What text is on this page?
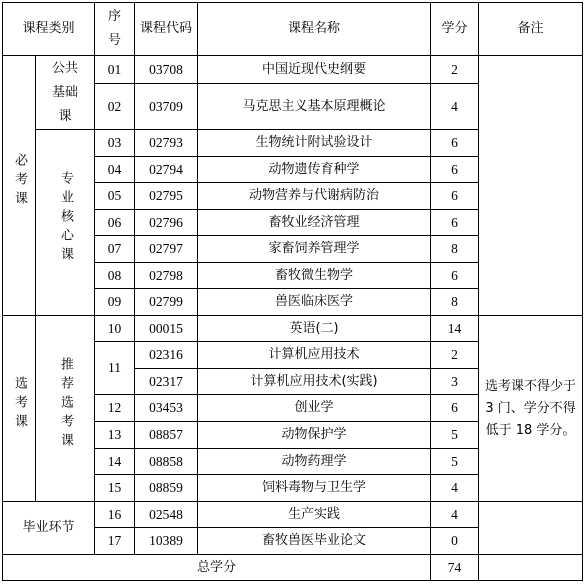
课程类别		序号	课程代码	课程名称	学分	备注
必考课	公共基础课	01	03708	中国近现代史纲要	2	
		02	03709	马克思主义基本原理概论	4	
	专业核心课	03	02793	生物统计附试验设计	6	
		04	02794	动物遗传育种学	6	
		05	02795	动物营养与代谢病防治	6	
		06	02796	畜牧业经济管理	6	
		07	02797	家畜饲养管理学	8	
		08	02798	畜牧微生物学	6	
		09	02799	兽医临床医学	8	
选考课	推荐选考课	10	00015	英语(二)	14	选考课不得少于 3 门、学分不得低于 18 学分。
		11	02316	计算机应用技术	2	
			02317	计算机应用技术(实践)	3	
		12	03453	创业学	6	
		13	08857	动物保护学	5	
		14	08858	动物药理学	5	
		15	08859	饲料毒物与卫生学	4	
毕业环节		16	02548	生产实践	4	
		17	10389	畜牧兽医毕业论文	0	
总学分					74	
